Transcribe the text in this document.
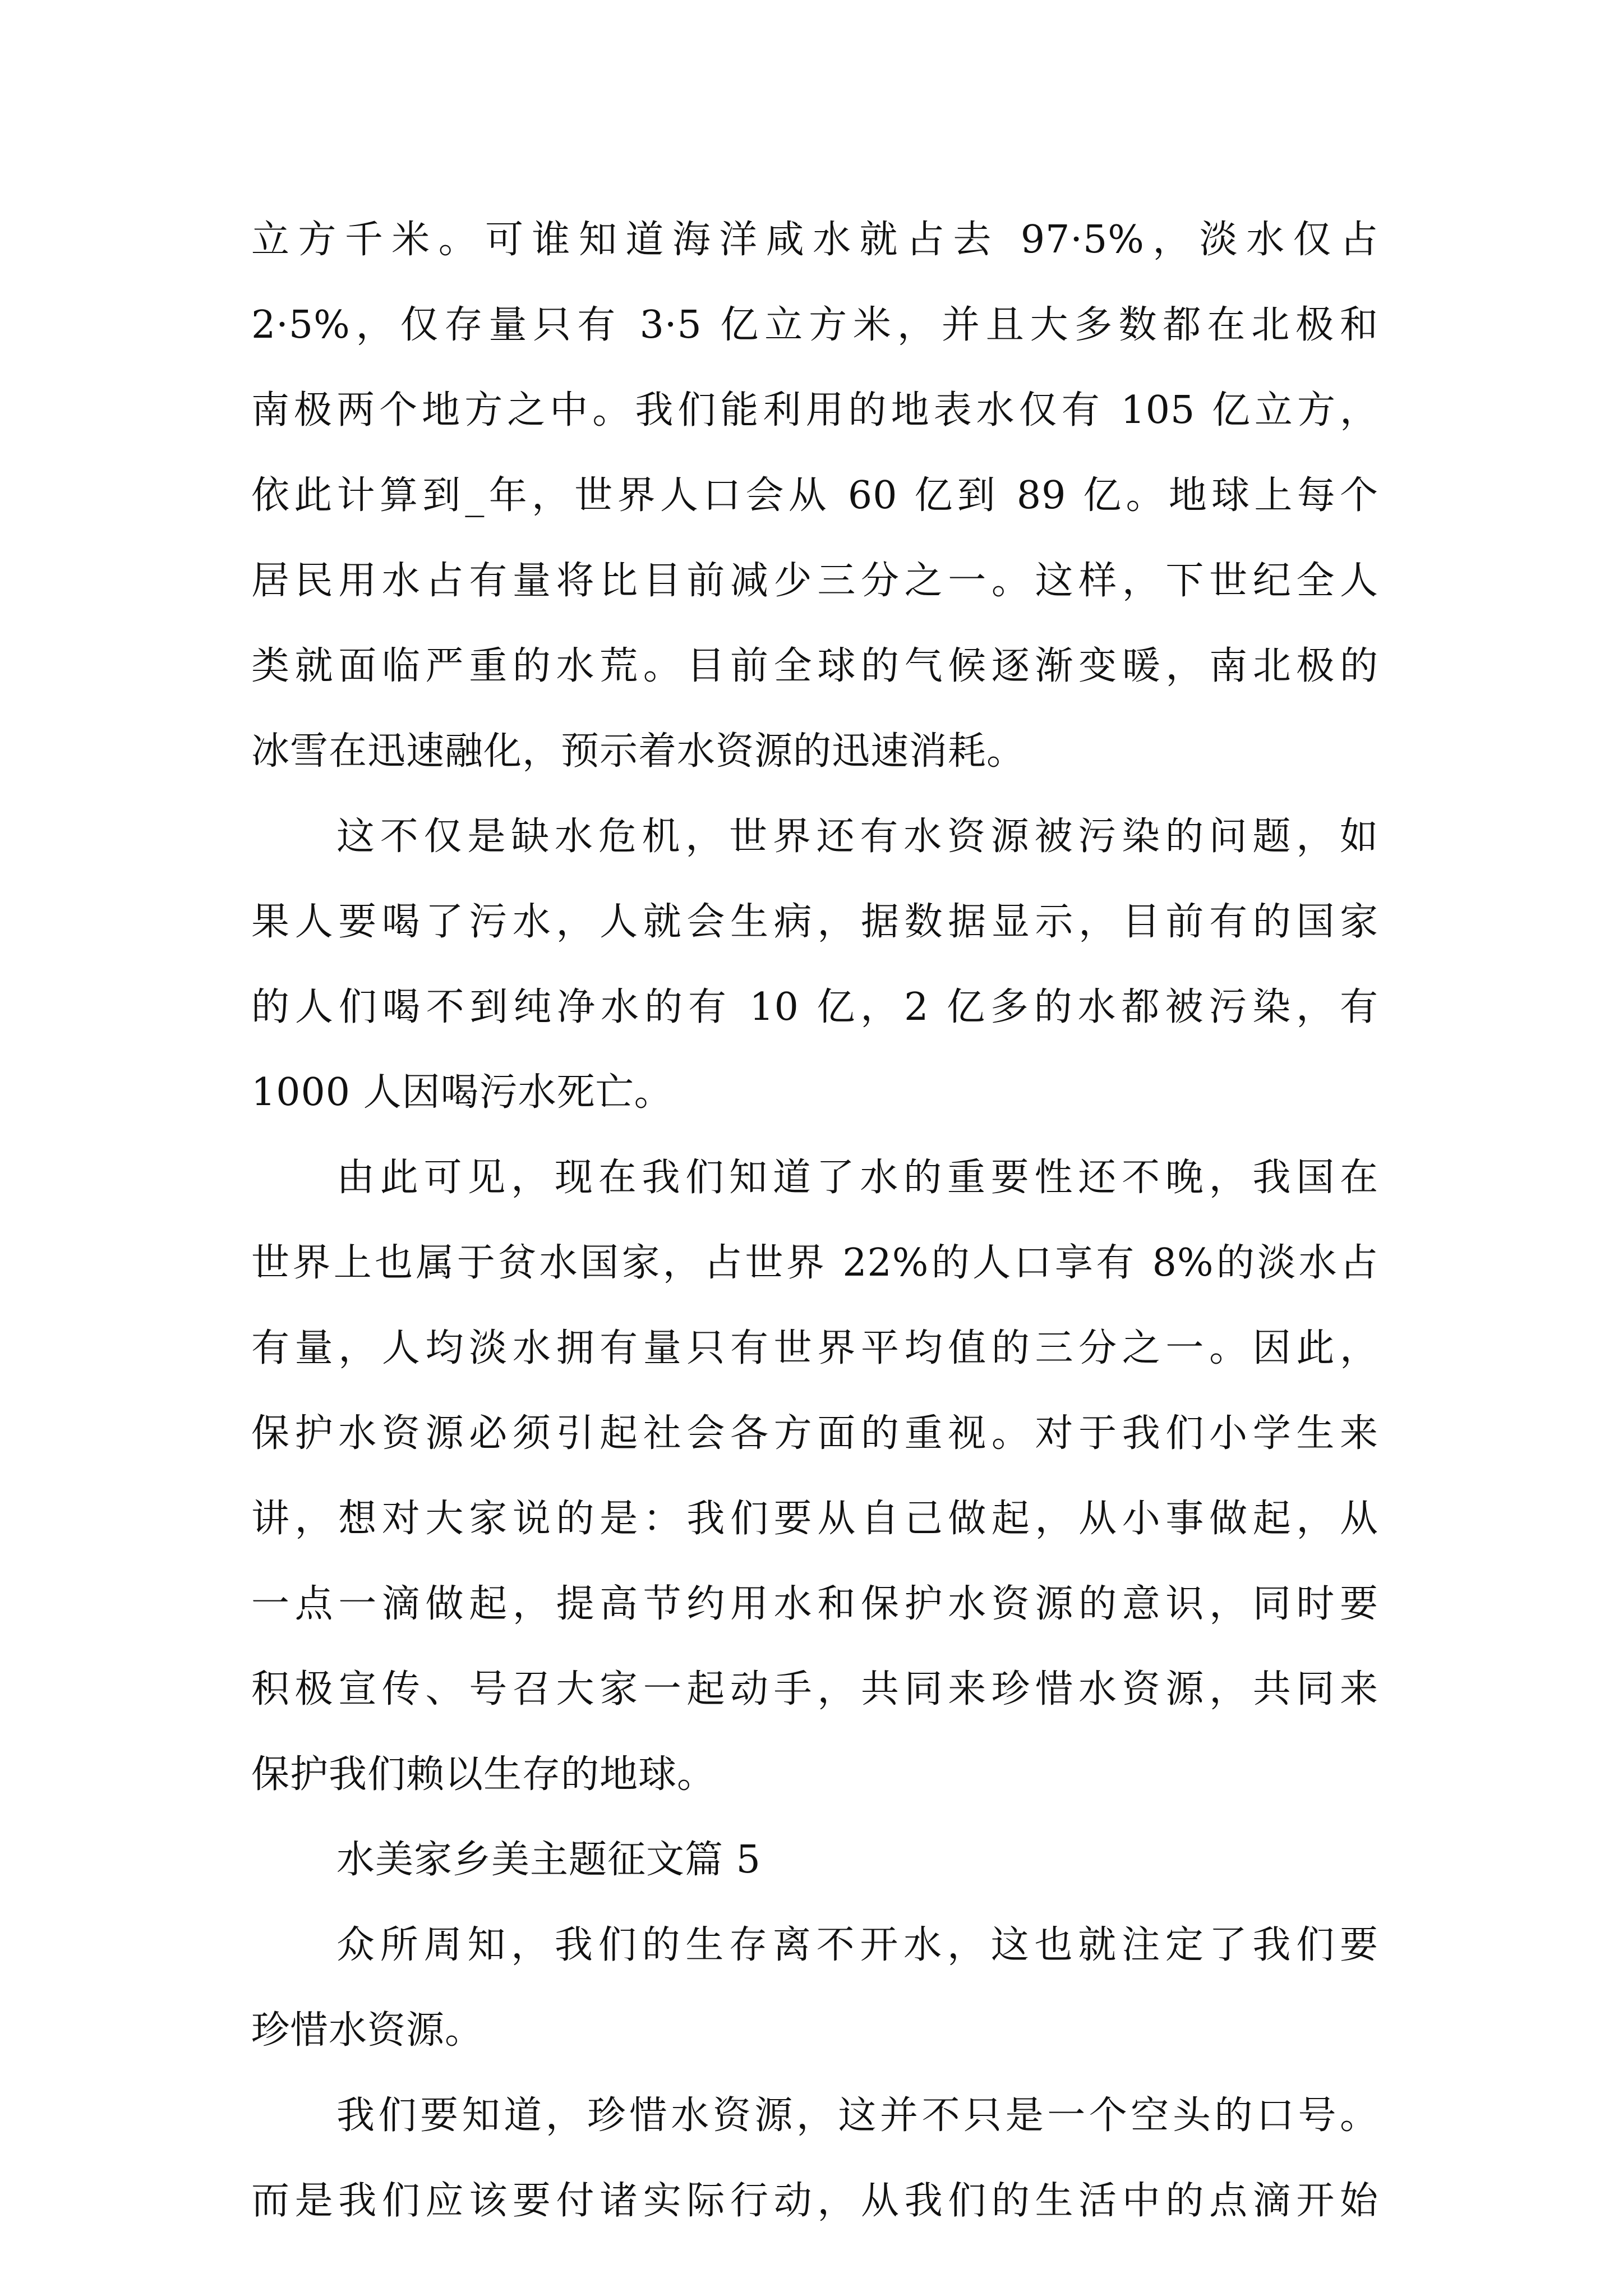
立方千米。可谁知道海洋咸水就占去 97·5%，淡水仅占
2·5%，仅存量只有 3·5 亿立方米，并且大多数都在北极和
南极两个地方之中。我们能利用的地表水仅有 105 亿立方，
依此计算到_年，世界人口会从 60 亿到 89 亿。地球上每个
居民用水占有量将比目前减少三分之一。这样，下世纪全人
类就面临严重的水荒。目前全球的气候逐渐变暖，南北极的
冰雪在迅速融化，预示着水资源的迅速消耗。
这不仅是缺水危机，世界还有水资源被污染的问题，如
果人要喝了污水，人就会生病，据数据显示，目前有的国家
的人们喝不到纯净水的有 10 亿，2 亿多的水都被污染，有
1000 人因喝污水死亡。
由此可见，现在我们知道了水的重要性还不晚，我国在
世界上也属于贫水国家，占世界 22%的人口享有 8%的淡水占
有量，人均淡水拥有量只有世界平均值的三分之一。因此，
保护水资源必须引起社会各方面的重视。对于我们小学生来
讲，想对大家说的是：我们要从自己做起，从小事做起，从
一点一滴做起，提高节约用水和保护水资源的意识，同时要
积极宣传、号召大家一起动手，共同来珍惜水资源，共同来
保护我们赖以生存的地球。
水美家乡美主题征文篇 5
众所周知，我们的生存离不开水，这也就注定了我们要
珍惜水资源。
我们要知道，珍惜水资源，这并不只是一个空头的口号。
而是我们应该要付诸实际行动，从我们的生活中的点滴开始
